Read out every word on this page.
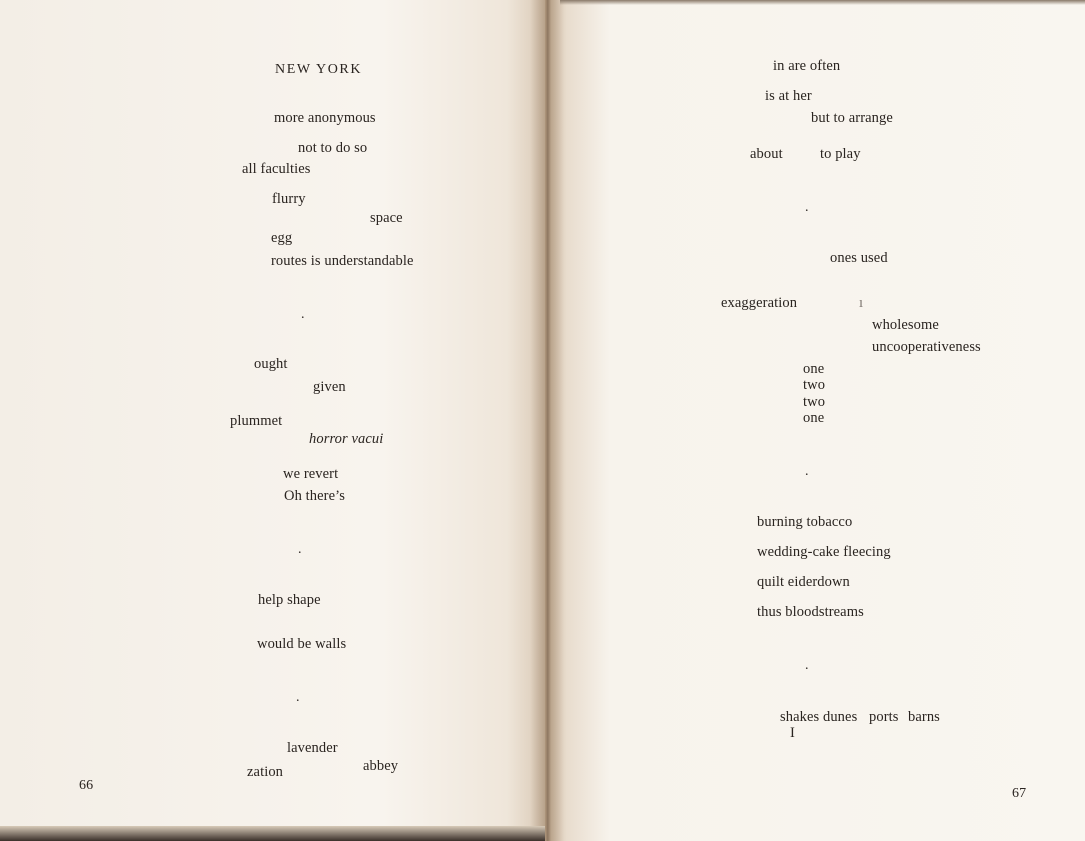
NEW YORK
more anonymous
not to do so
all faculties
flurry
space
egg
routes is understandable
.
ought
given
plummet
horror vacui
we revert
Oh there’s
.
help shape
would be walls
.
lavender
abbey
zation
66
in are often
is at her
but to arrange
about	to play
.
ones used
exaggeration	ı
wholesome
uncooperativeness
one
two
two
one
.
burning tobacco
wedding-cake fleecing
quilt eiderdown
thus bloodstreams
.
shakes dunes ports barns
I
67
